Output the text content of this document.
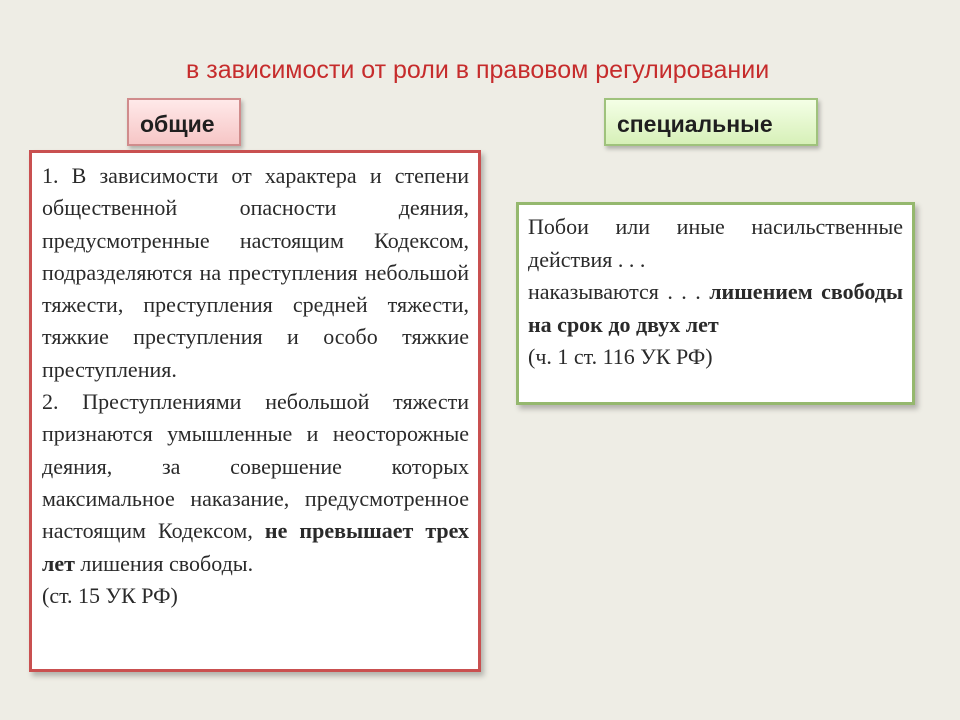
в зависимости от роли в правовом регулировании
общие	специальные

1. В зависимости от характера и степени общественной опасности деяния, предусмотренные настоящим Кодексом, подразделяются на преступления небольшой тяжести, преступления средней тяжести, тяжкие преступления и особо тяжкие преступления.

2. Преступлениями небольшой тяжести признаются умышленные и неосторожные деяния, за совершение которых максимальное наказание, предусмотренное настоящим Кодексом, не превышает трех лет лишения свободы.

(ст. 15 УК РФ)

Побои или иные насильственные действия . . .

наказываются . . . лишением свободы на срок до двух лет

(ч. 1 ст. 116 УК РФ)
